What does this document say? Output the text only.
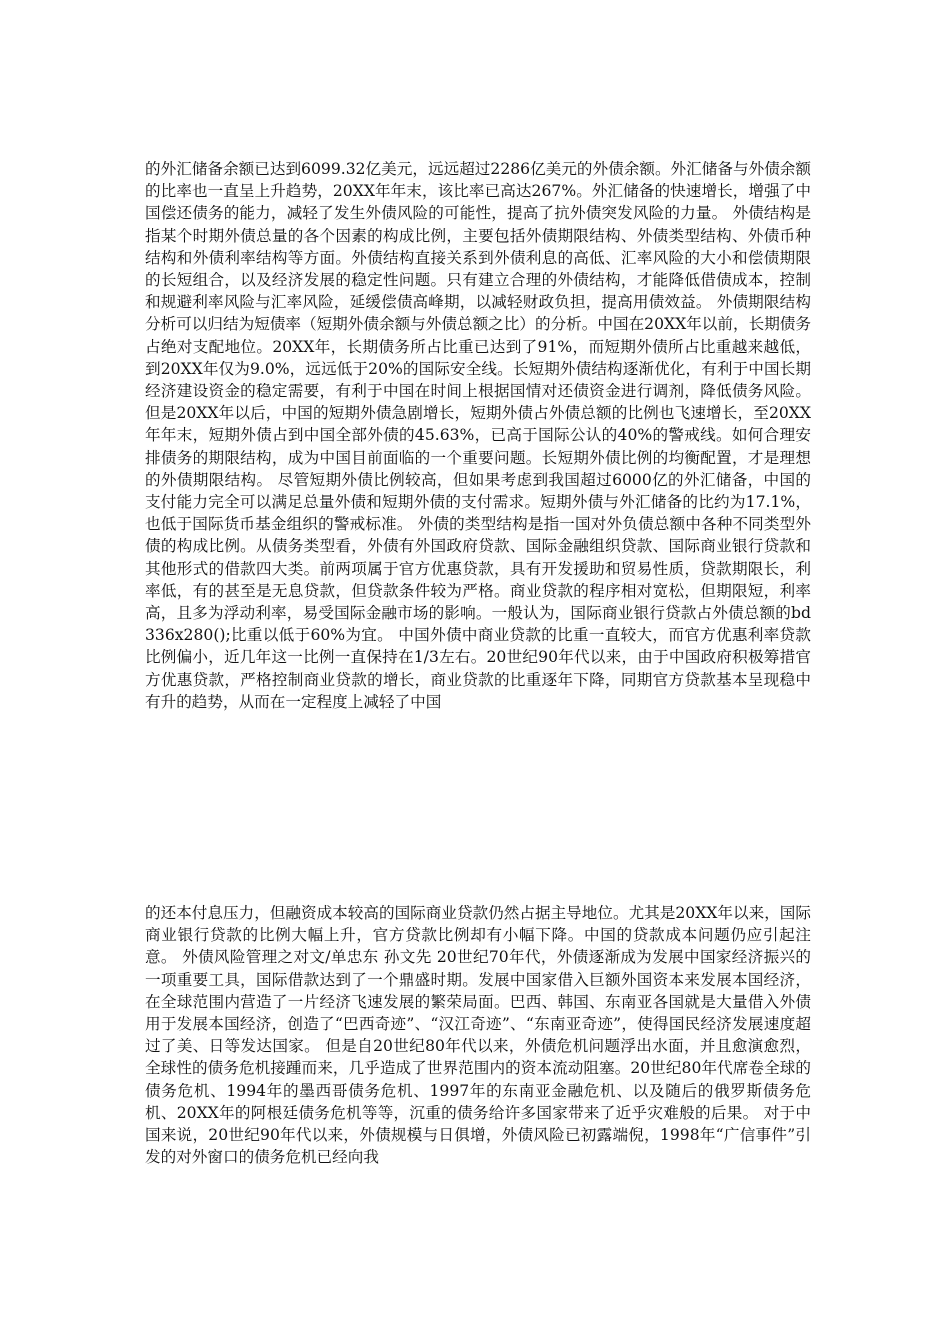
的外汇储备余额已达到6099.32亿美元，远远超过2286亿美元的外债余额。外汇储备与外债余额的比率也一直呈上升趋势，20XX年年末，该比率已高达267%。外汇储备的快速增长，增强了中国偿还债务的能力，减轻了发生外债风险的可能性，提高了抗外债突发风险的力量。 外债结构是指某个时期外债总量的各个因素的构成比例，主要包括外债期限结构、外债类型结构、外债币种结构和外债利率结构等方面。外债结构直接关系到外债利息的高低、汇率风险的大小和偿债期限的长短组合，以及经济发展的稳定性问题。只有建立合理的外债结构，才能降低借债成本，控制和规避利率风险与汇率风险，延缓偿债高峰期，以减轻财政负担，提高用债效益。 外债期限结构分析可以归结为短债率（短期外债余额与外债总额之比）的分析。中国在20XX年以前，长期债务占绝对支配地位。20XX年，长期债务所占比重已达到了91%，而短期外债所占比重越来越低，到20XX年仅为9.0%，远远低于20%的国际安全线。长短期外债结构逐渐优化，有利于中国长期经济建设资金的稳定需要，有利于中国在时间上根据国情对还债资金进行调剂，降低债务风险。但是20XX年以后，中国的短期外债急剧增长，短期外债占外债总额的比例也飞速增长，至20XX年年末，短期外债占到中国全部外债的45.63%，已高于国际公认的40%的警戒线。如何合理安排债务的期限结构，成为中国目前面临的一个重要问题。长短期外债比例的均衡配置，才是理想的外债期限结构。 尽管短期外债比例较高，但如果考虑到我国超过6000亿的外汇储备，中国的支付能力完全可以满足总量外债和短期外债的支付需求。短期外债与外汇储备的比约为17.1%，也低于国际货币基金组织的警戒标准。 外债的类型结构是指一国对外负债总额中各种不同类型外债的构成比例。从债务类型看，外债有外国政府贷款、国际金融组织贷款、国际商业银行贷款和其他形式的借款四大类。前两项属于官方优惠贷款，具有开发援助和贸易性质，贷款期限长，利率低，有的甚至是无息贷款，但贷款条件较为严格。商业贷款的程序相对宽松，但期限短，利率高，且多为浮动利率，易受国际金融市场的影响。一般认为，国际商业银行贷款占外债总额的bd336x280();比重以低于60%为宜。 中国外债中商业贷款的比重一直较大，而官方优惠利率贷款比例偏小，近几年这一比例一直保持在1/3左右。20世纪90年代以来，由于中国政府积极筹措官方优惠贷款，严格控制商业贷款的增长，商业贷款的比重逐年下降，同期官方贷款基本呈现稳中有升的趋势，从而在一定程度上减轻了中国

的还本付息压力，但融资成本较高的国际商业贷款仍然占据主导地位。尤其是20XX年以来，国际商业银行贷款的比例大幅上升，官方贷款比例却有小幅下降。中国的贷款成本问题仍应引起注意。 外债风险管理之对文/单忠东 孙文先 20世纪70年代，外债逐渐成为发展中国家经济振兴的一项重要工具，国际借款达到了一个鼎盛时期。发展中国家借入巨额外国资本来发展本国经济，在全球范围内营造了一片经济飞速发展的繁荣局面。巴西、韩国、东南亚各国就是大量借入外债用于发展本国经济，创造了“巴西奇迹”、“汉江奇迹”、“东南亚奇迹”，使得国民经济发展速度超过了美、日等发达国家。 但是自20世纪80年代以来，外债危机问题浮出水面，并且愈演愈烈，全球性的债务危机接踵而来，几乎造成了世界范围内的资本流动阻塞。20世纪80年代席卷全球的债务危机、1994年的墨西哥债务危机、1997年的东南亚金融危机、以及随后的俄罗斯债务危机、20XX年的阿根廷债务危机等等，沉重的债务给许多国家带来了近乎灾难般的后果。 对于中国来说，20世纪90年代以来，外债规模与日俱增，外债风险已初露端倪，1998年“广信事件”引发的对外窗口的债务危机已经向我
